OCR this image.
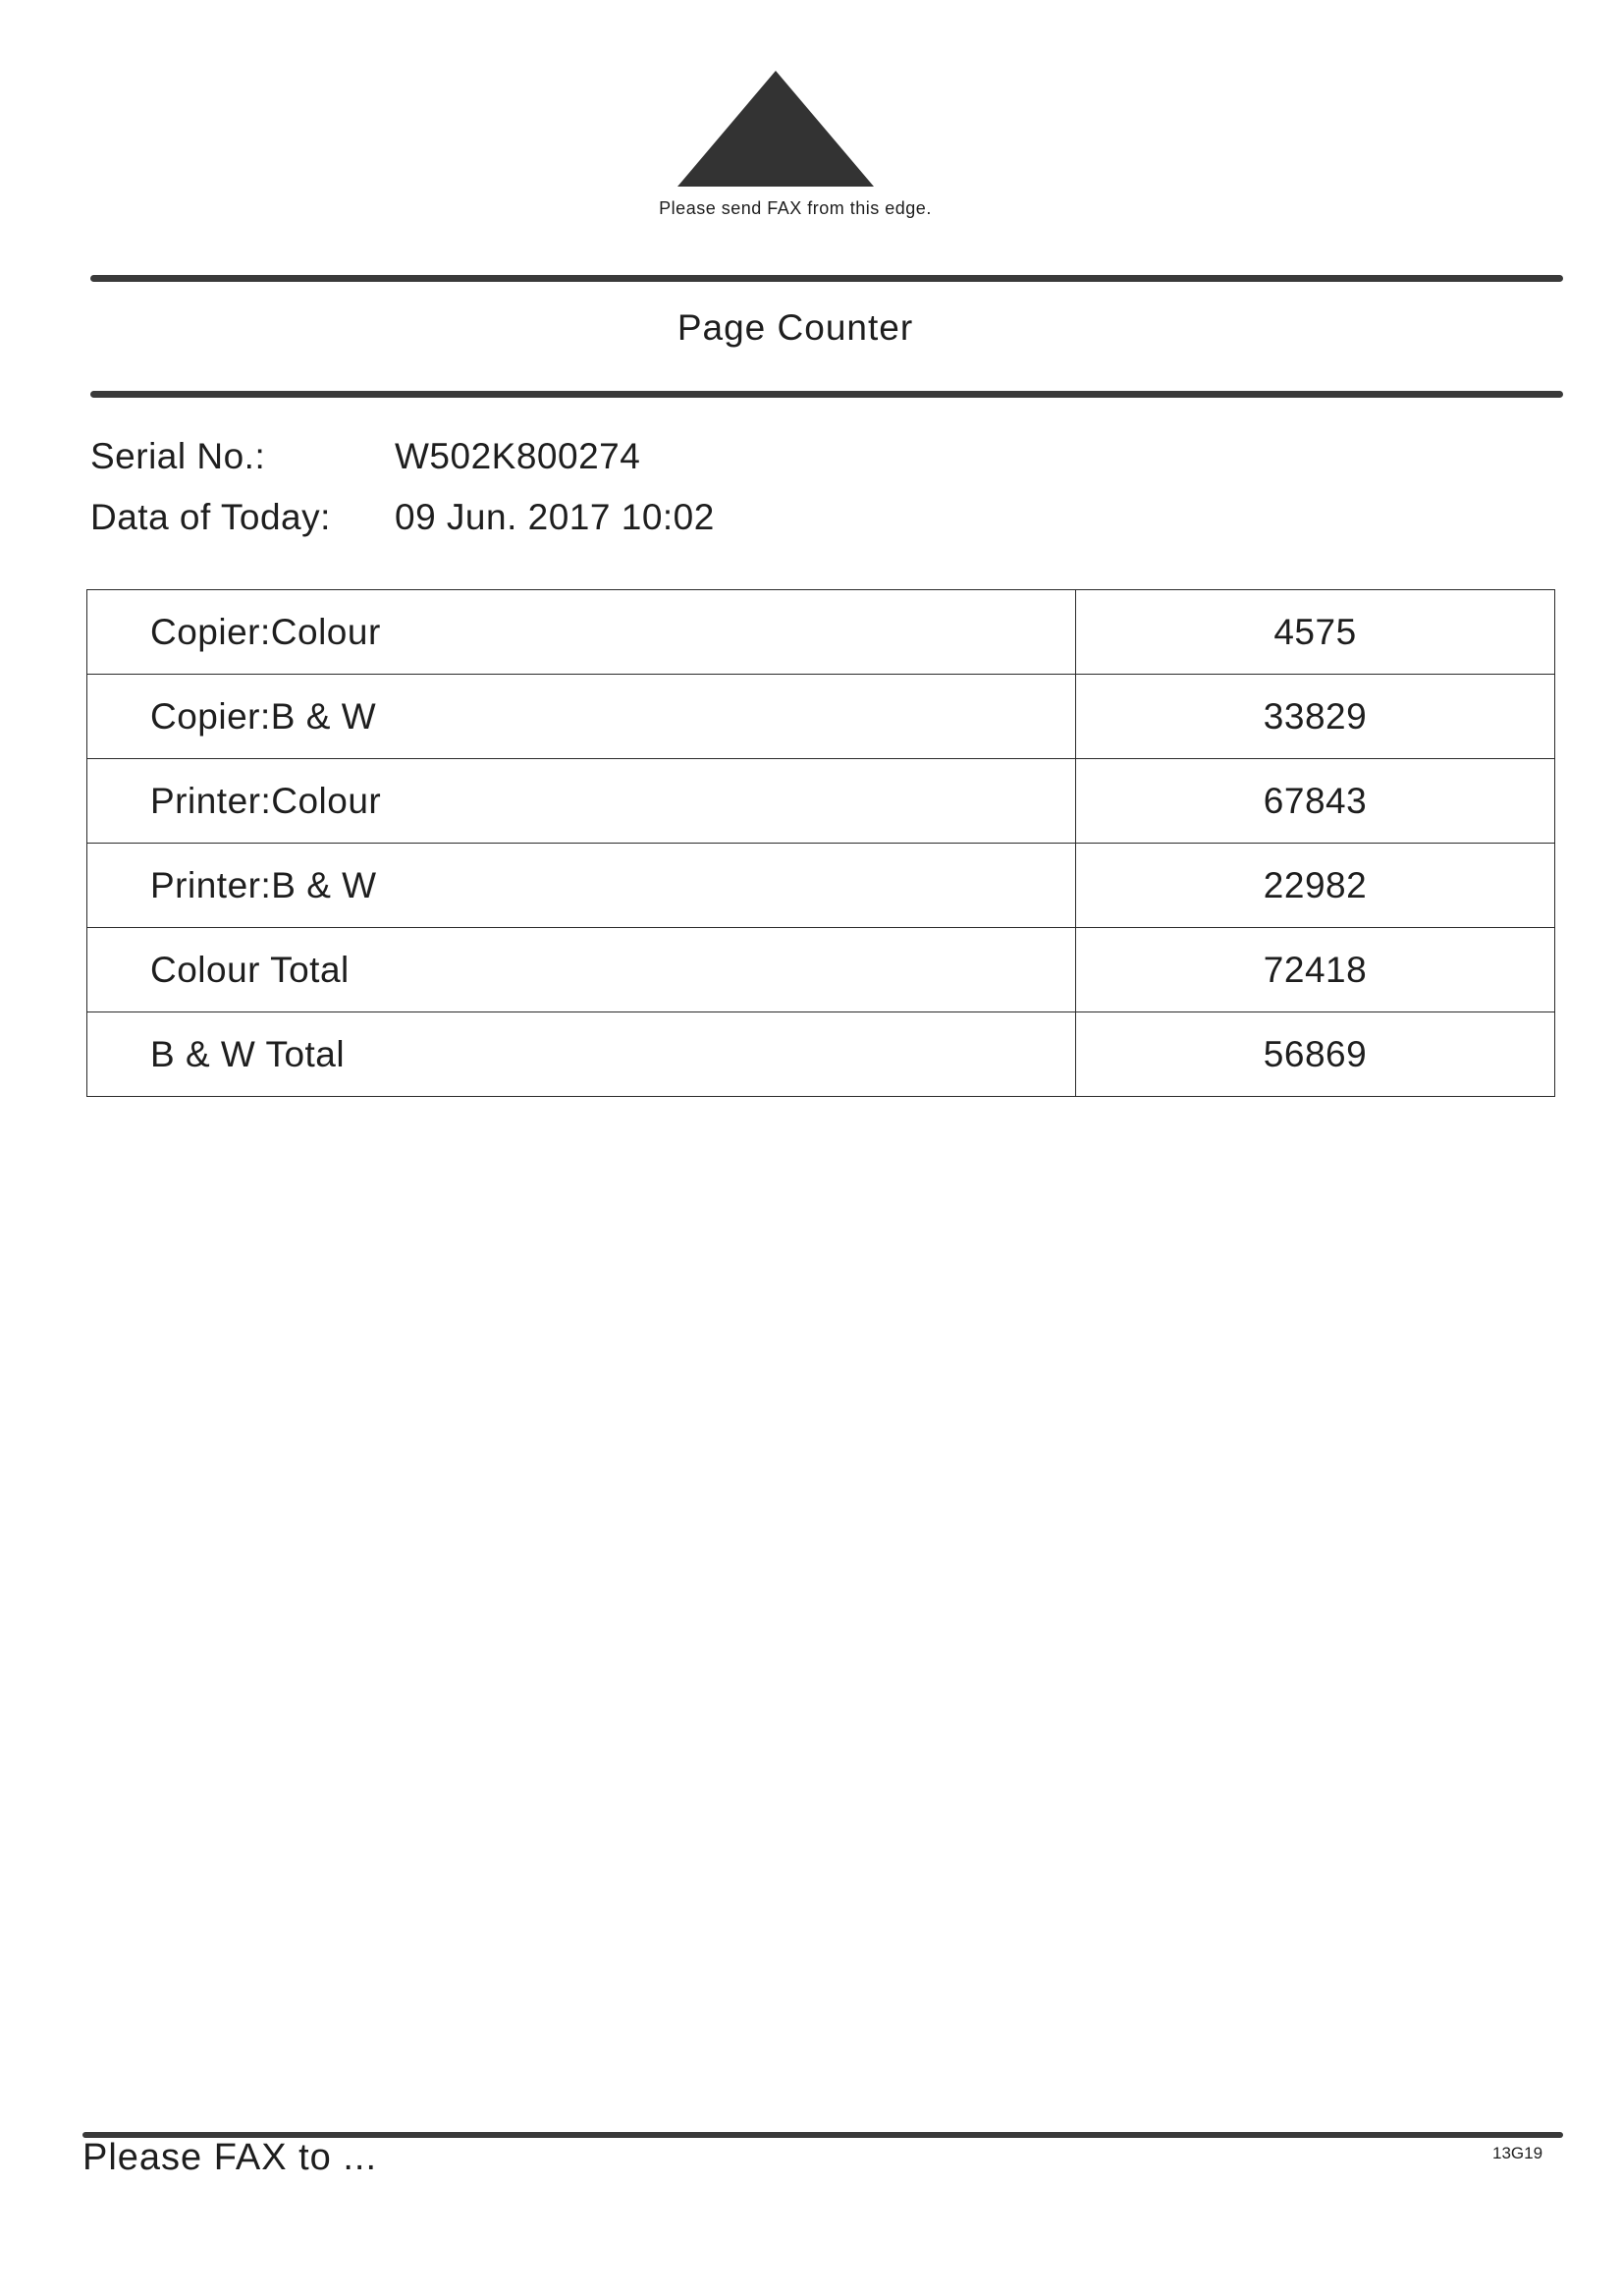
Please send FAX from this edge.
Page Counter
Serial No.:	W502K800274
Data of Today: 09 Jun. 2017 10:02
Copier:Colour	4575
Copier:B & W	33829
Printer:Colour	67843
Printer:B & W	22982
Colour Total	72418
B & W Total	56869
Please FAX to ...	13G19
